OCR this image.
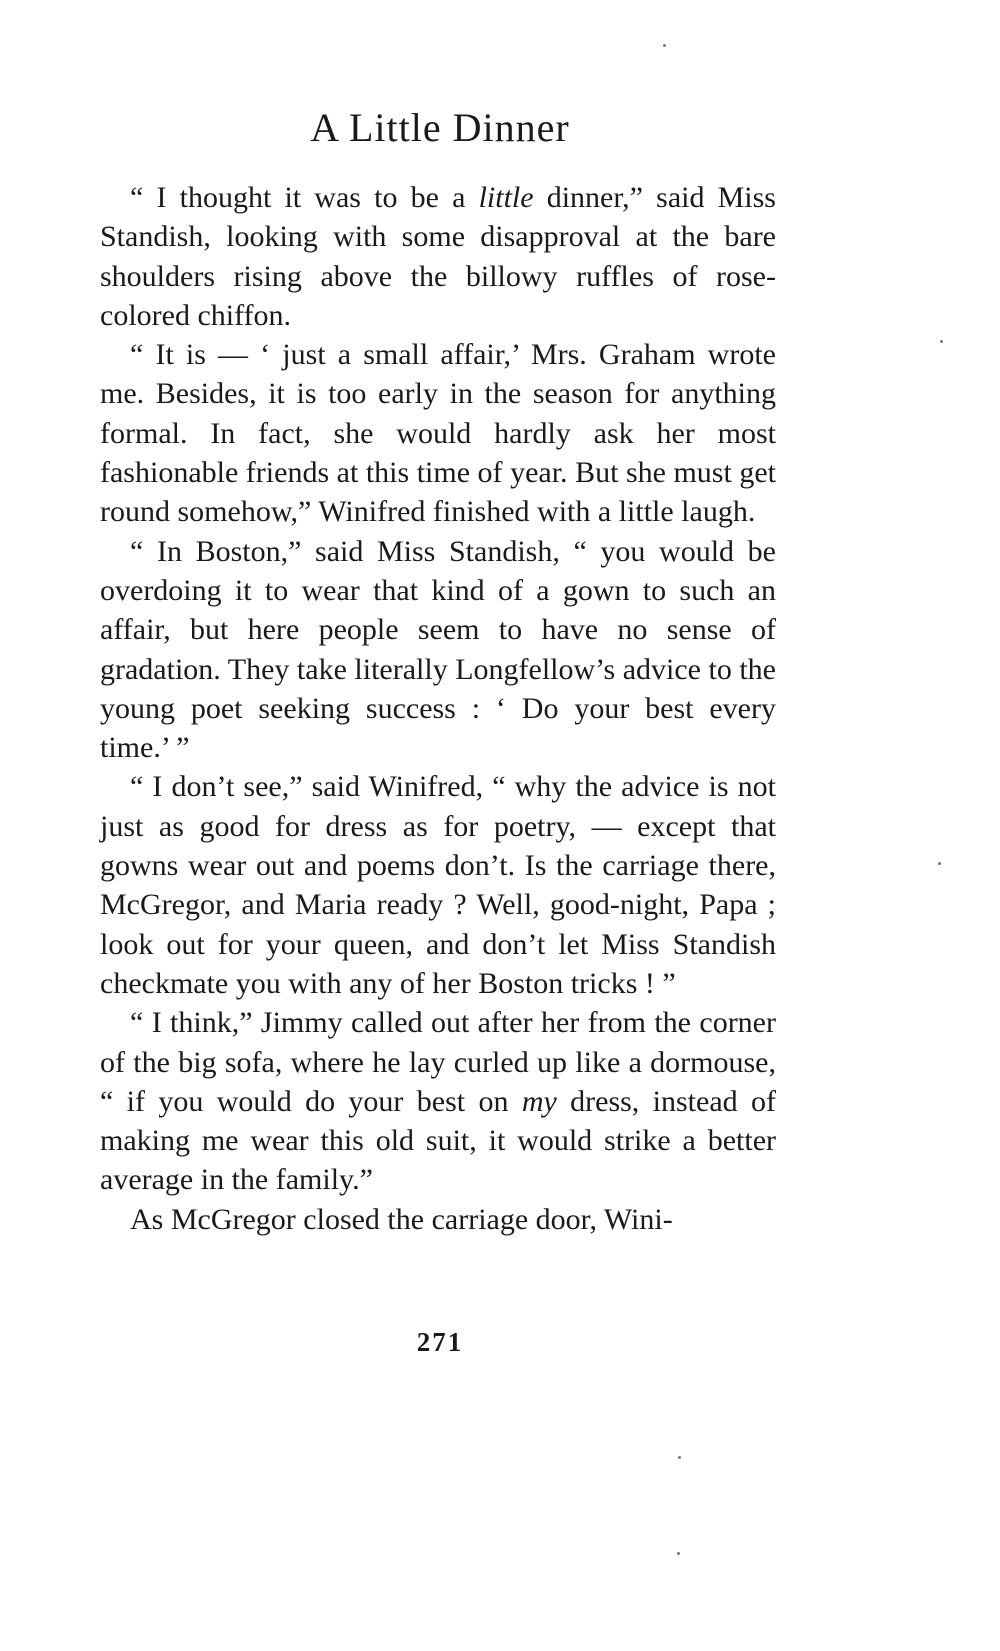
A Little Dinner

“ I thought it was to be a little dinner,” said Miss Standish, looking with some disapproval at the bare shoulders rising above the billowy ruffles of rose-colored chiffon.

“ It is — ‘ just a small affair,’ Mrs. Graham wrote me. Besides, it is too early in the season for anything formal. In fact, she would hardly ask her most fashionable friends at this time of year. But she must get round somehow,” Winifred finished with a little laugh.

“ In Boston,” said Miss Standish, “ you would be overdoing it to wear that kind of a gown to such an affair, but here people seem to have no sense of gradation. They take literally Longfellow’s advice to the young poet seeking success : ‘ Do your best every time.’ ”

“ I don’t see,” said Winifred, “ why the advice is not just as good for dress as for poetry, — except that gowns wear out and poems don’t. Is the carriage there, McGregor, and Maria ready ? Well, good-night, Papa ; look out for your queen, and don’t let Miss Standish checkmate you with any of her Boston tricks ! ”

“ I think,” Jimmy called out after her from the corner of the big sofa, where he lay curled up like a dormouse, “ if you would do your best on my dress, instead of making me wear this old suit, it would strike a better average in the family.”

As McGregor closed the carriage door, Wini-

271
